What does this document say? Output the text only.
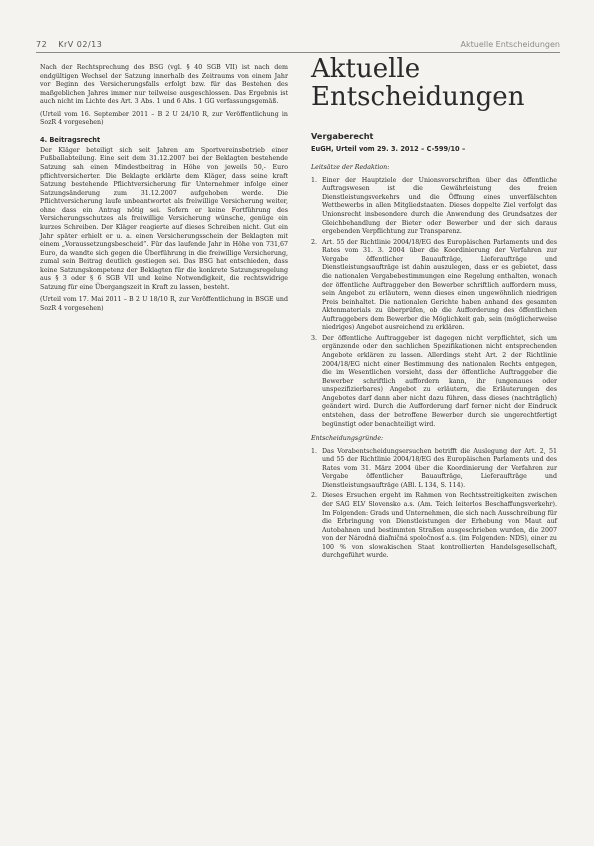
72 KrV 02/13	Aktuelle Entscheidungen

Nach der Rechtsprechung des BSG (vgl. § 40 SGB VII) ist nach dem endgültigen Wechsel der Satzung innerhalb des Zeitraums von einem Jahr vor Beginn des Versicherungsfalls erfolgt bzw. für das Bestehen des maßgeblichen Jahres immer nur teilweise ausgeschlossen. Das Ergebnis ist auch nicht im Lichte des Art. 3 Abs. 1 und 6 Abs. 1 GG verfassungsgemäß.

(Urteil vom 16. September 2011 – B 2 U 24/10 R, zur Veröffentlichung in SozR 4 vorgesehen)

4. Beitragsrecht

Der Kläger beteiligt sich seit Jahren am Sportvereinsbetrieb einer Fußballabteilung. Eine seit dem 31.12.2007 bei der Beklagten bestehende Satzung sah einen Mindestbeitrag in Höhe von jeweils 50,- Euro pflichtversicherter. Die Beklagte erklärte dem Kläger, dass seine kraft Satzung bestehende Pflichtversicherung für Unternehmer infolge einer Satzungsänderung zum 31.12.2007 aufgehoben werde. Die Pflichtversicherung laufe unbeantwortet als freiwillige Versicherung weiter, ohne dass ein Antrag nötig sei. Sofern er keine Fortführung des Versicherungsschutzes als freiwillige Versicherung wünsche, genüge ein kurzes Schreiben. Der Kläger reagierte auf dieses Schreiben nicht. Gut ein Jahr später erhielt er u. a. einen Versicherungsschein der Beklagten mit einem „Voraussetzungsbescheid“. Für das laufende Jahr in Höhe von 731,67 Euro, da wandte sich gegen die Überführung in die freiwillige Versicherung, zumal sein Beitrag deutlich gestiegen sei. Das BSG hat entschieden, dass keine Satzungskompetenz der Beklagten für die konkrete Satzungsregelung aus § 3 oder § 6 SGB VII und keine Notwendigkeit, die rechtswidrige Satzung für eine Übergangszeit in Kraft zu lassen, besteht.

(Urteil vom 17. Mai 2011 – B 2 U 18/10 R, zur Veröffentlichung in BSGE und SozR 4 vorgesehen)

Aktuelle
Entscheidungen
Vergaberecht
EuGH, Urteil vom 29. 3. 2012 – C-599/10 –
Leitsätze der Redaktion:
1. Einer der Hauptziele der Unionsvorschriften über das öffentliche Auftragswesen ist die Gewährleistung des freien Dienstleistungsverkehrs und die Öffnung eines unverfälschten Wettbewerbs in allen Mitgliedstaaten. Dieses doppelte Ziel verfolgt das Unionsrecht insbesondere durch die Anwendung des Grundsatzes der Gleichbehandlung der Bieter oder Bewerber und der sich daraus ergebenden Verpflichtung zur Transparenz.
2. Art. 55 der Richtlinie 2004/18/EG des Europäischen Parlaments und des Rates vom 31. 3. 2004 über die Koordinierung der Verfahren zur Vergabe öffentlicher Bauaufträge, Lieferaufträge und Dienstleistungsaufträge ist dahin auszulegen, dass er es gebietet, dass die nationalen Vergabebestimmungen eine Regelung enthalten, wonach der öffentliche Auftraggeber den Bewerber schriftlich auffordern muss, sein Angebot zu erläutern, wenn dieses einen ungewöhnlich niedrigen Preis beinhaltet. Die nationalen Gerichte haben anhand des gesamten Aktenmaterials zu überprüfen, ob die Aufforderung des öffentlichen Auftraggebers dem Bewerber die Möglichkeit gab, sein (möglicherweise niedriges) Angebot ausreichend zu erklären.
3. Der öffentliche Auftraggeber ist dagegen nicht verpflichtet, sich um ergänzende oder den sachlichen Spezifikationen nicht entsprechenden Angebote erklären zu lassen. Allerdings steht Art. 2 der Richtlinie 2004/18/EG nicht einer Bestimmung des nationalen Rechts entgegen, die im Wesentlichen vorsieht, dass der öffentliche Auftraggeber die Bewerber schriftlich auffordern kann, ihr (ungenaues oder unspezifizierbares) Angebot zu erläutern, die Erläuterungen des Angebotes darf dann aber nicht dazu führen, dass dieses (nachträglich) geändert wird. Durch die Aufforderung darf ferner nicht der Eindruck entstehen, dass der betroffene Bewerber durch sie ungerechtfertigt begünstigt oder benachteiligt wird.
Entscheidungsgründe:
1. Das Vorabentscheidungsersuchen betrifft die Auslegung der Art. 2, 51 und 55 der Richtlinie 2004/18/EG des Europäischen Parlaments und des Rates vom 31. März 2004 über die Koordinierung der Verfahren zur Vergabe öffentlicher Bauaufträge, Lieferaufträge und Dienstleistungsaufträge (ABl. L 134, S. 114).
2. Dieses Ersuchen ergeht im Rahmen von Rechtsstreitigkeiten zwischen der SAG ELV Slovensko a.s. (Am. Teich leiterlos Beschaffungsverkehr). Im Folgenden: Grads und Unternehmen, die sich nach Ausschreibung für die Erbringung von Dienstleistungen der Erhebung von Maut auf Autobahnen und bestimmten Straßen ausgeschrieben wurden, die 2007 von der Národná diaľničná spoločnosť a.s. (im Folgenden: NDS), einer zu 100 % von slowakischen Staat kontrollierten Handelsgesellschaft, durchgeführt wurde.
